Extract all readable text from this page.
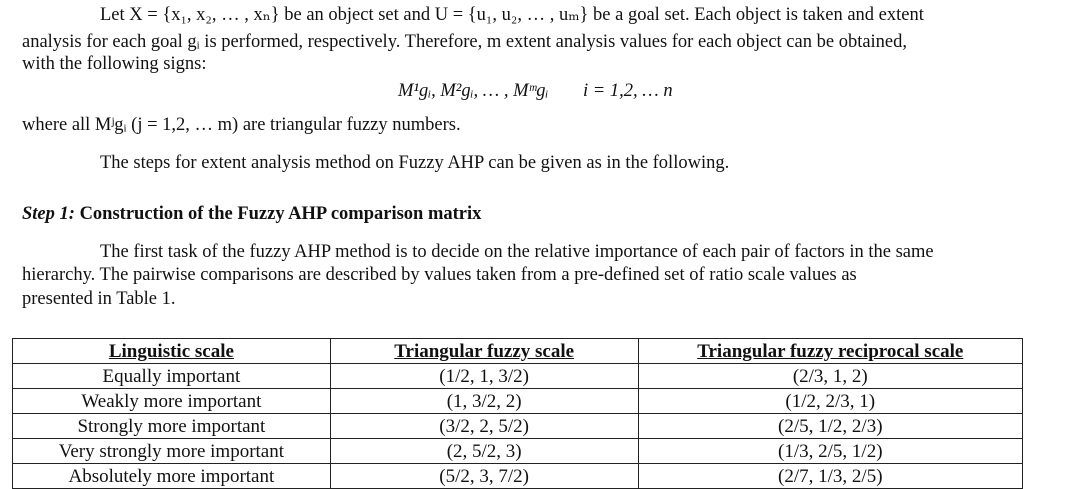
Let X = {x₁, x₂, … , xₙ} be an object set and U = {u₁, u₂, … , uₘ} be a goal set. Each object is taken and extent
analysis for each goal gᵢ is performed, respectively. Therefore, m extent analysis values for each object can be obtained,
with the following signs:
M¹gᵢ, M²gᵢ, … , Mᵐgᵢ i = 1,2, … n
where all Mʲgᵢ (j = 1,2, … m) are triangular fuzzy numbers.
The steps for extent analysis method on Fuzzy AHP can be given as in the following.
Step 1: Construction of the Fuzzy AHP comparison matrix
The first task of the fuzzy AHP method is to decide on the relative importance of each pair of factors in the same
hierarchy. The pairwise comparisons are described by values taken from a pre-defined set of ratio scale values as
presented in Table 1.
Linguistic scale	Triangular fuzzy scale	Triangular fuzzy reciprocal scale
Equally important	(1/2, 1, 3/2)	(2/3, 1, 2)
Weakly more important	(1, 3/2, 2)	(1/2, 2/3, 1)
Strongly more important	(3/2, 2, 5/2)	(2/5, 1/2, 2/3)
Very strongly more important	(2, 5/2, 3)	(1/3, 2/5, 1/2)
Absolutely more important	(5/2, 3, 7/2)	(2/7, 1/3, 2/5)
